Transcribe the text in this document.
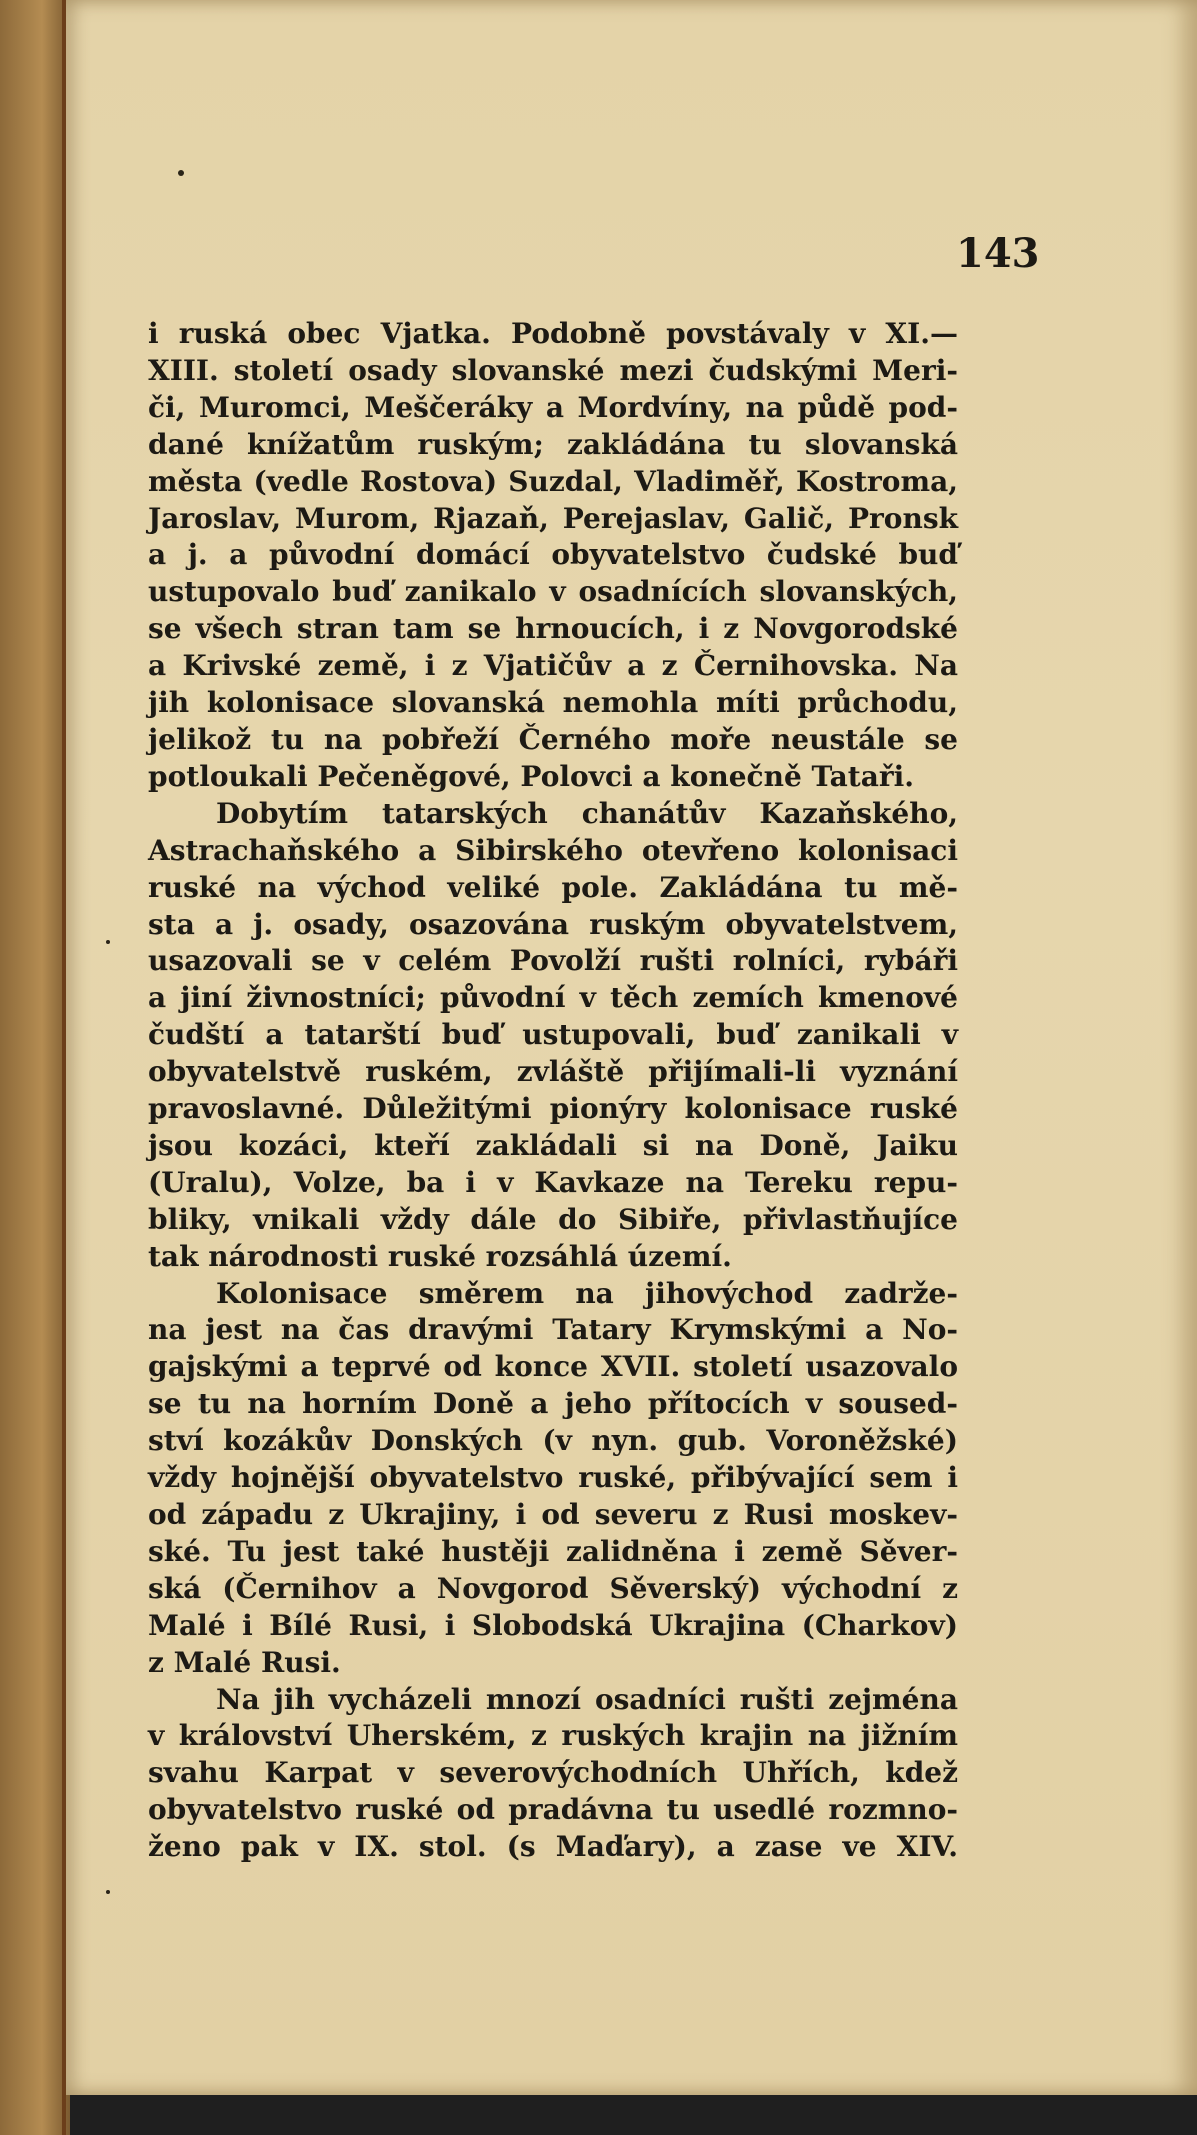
143
i ruská obec Vjatka. Podobně povstávaly v XI.—
XIII. století osady slovanské mezi čudskými Meri-
či, Muromci, Meščeráky a Mordvíny, na půdě pod-
dané knížatům ruským; zakládána tu slovanská
města (vedle Rostova) Suzdal, Vladiměř, Kostroma,
Jaroslav, Murom, Rjazaň, Perejaslav, Galič, Pronsk
a j. a původní domácí obyvatelstvo čudské buď
ustupovalo buď zanikalo v osadnících slovanských,
se všech stran tam se hrnoucích, i z Novgorodské
a Krivské země, i z Vjatičův a z Černihovska. Na
jih kolonisace slovanská nemohla míti průchodu,
jelikož tu na pobřeží Černého moře neustále se
potloukali Pečeněgové, Polovci a konečně Tataři.
Dobytím tatarských chanátův Kazaňského,
Astrachaňského a Sibirského otevřeno kolonisaci
ruské na východ veliké pole. Zakládána tu mě-
sta a j. osady, osazována ruským obyvatelstvem,
usazovali se v celém Povolží rušti rolníci, rybáři
a jiní živnostníci; původní v těch zemích kmenové
čudští a tatarští buď ustupovali, buď zanikali v
obyvatelstvě ruském, zvláště přijímali-li vyznání
pravoslavné. Důležitými pionýry kolonisace ruské
jsou kozáci, kteří zakládali si na Doně, Jaiku
(Uralu), Volze, ba i v Kavkaze na Tereku repu-
bliky, vnikali vždy dále do Sibiře, přivlastňujíce
tak národnosti ruské rozsáhlá území.
Kolonisace směrem na jihovýchod zadrže-
na jest na čas dravými Tatary Krymskými a No-
gajskými a teprvé od konce XVII. století usazovalo
se tu na horním Doně a jeho přítocích v soused-
ství kozákův Donských (v nyn. gub. Voroněžské)
vždy hojnější obyvatelstvo ruské, přibývající sem i
od západu z Ukrajiny, i od severu z Rusi moskev-
ské. Tu jest také hustěji zalidněna i země Sěver-
ská (Černihov a Novgorod Sěverský) východní z
Malé i Bílé Rusi, i Slobodská Ukrajina (Charkov)
z Malé Rusi.
Na jih vycházeli mnozí osadníci rušti zejména
v království Uherském, z ruských krajin na jižním
svahu Karpat v severovýchodních Uhřích, kdež
obyvatelstvo ruské od pradávna tu usedlé rozmno-
ženo pak v IX. stol. (s Maďary), a zase ve XIV.
